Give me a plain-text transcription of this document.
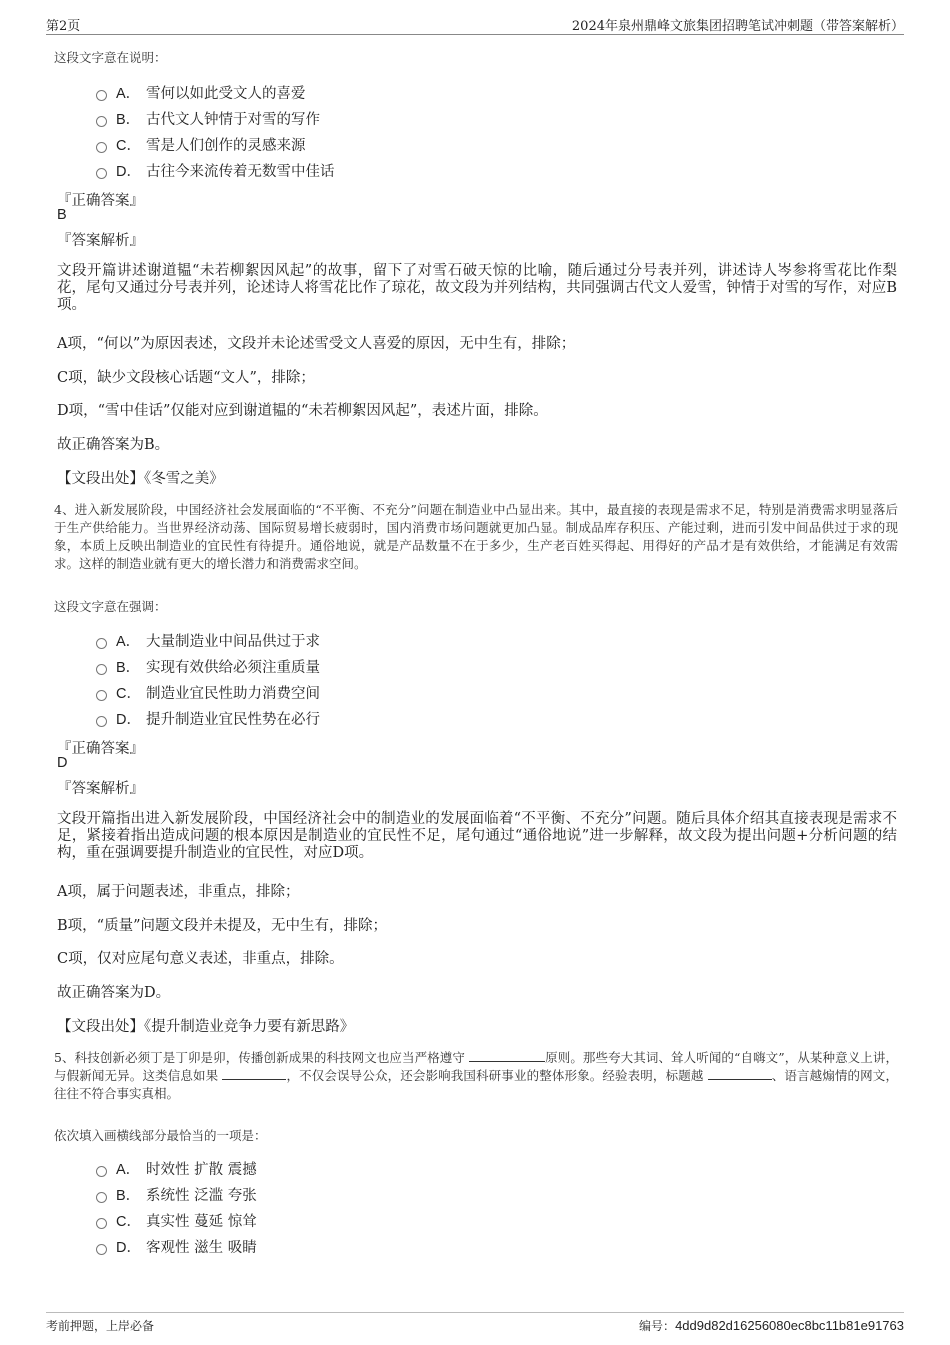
第2页	2024年泉州鼎峰文旅集团招聘笔试冲刺题（带答案解析）
这段文字意在说明：
A． 雪何以如此受文人的喜爱
B． 古代文人钟情于对雪的写作
C． 雪是人们创作的灵感来源
D． 古往今来流传着无数雪中佳话
『正确答案』
B
『答案解析』
文段开篇讲述谢道韫“未若柳絮因风起”的故事，留下了对雪石破天惊的比喻，随后通过分号表并列，讲述诗人岑参将雪花比作梨花，尾句又通过分号表并列，论述诗人将雪花比作了琼花，故文段为并列结构，共同强调古代文人爱雪，钟情于对雪的写作，对应B项。
A项，“何以”为原因表述，文段并未论述雪受文人喜爱的原因，无中生有，排除；
C项，缺少文段核心话题“文人”，排除；
D项，“雪中佳话”仅能对应到谢道韫的“未若柳絮因风起”，表述片面，排除。
故正确答案为B。
【文段出处】《冬雪之美》
4、进入新发展阶段，中国经济社会发展面临的“不平衡、不充分”问题在制造业中凸显出来。其中，最直接的表现是需求不足，特别是消费需求明显落后于生产供给能力。当世界经济动荡、国际贸易增长疲弱时，国内消费市场问题就更加凸显。制成品库存积压、产能过剩，进而引发中间品供过于求的现象，本质上反映出制造业的宜民性有待提升。通俗地说，就是产品数量不在于多少，生产老百姓买得起、用得好的产品才是有效供给，才能满足有效需求。这样的制造业就有更大的增长潜力和消费需求空间。
这段文字意在强调：
A． 大量制造业中间品供过于求
B． 实现有效供给必须注重质量
C． 制造业宜民性助力消费空间
D． 提升制造业宜民性势在必行
『正确答案』
D
『答案解析』
文段开篇指出进入新发展阶段，中国经济社会中的制造业的发展面临着“不平衡、不充分”问题。随后具体介绍其直接表现是需求不足，紧接着指出造成问题的根本原因是制造业的宜民性不足，尾句通过“通俗地说”进一步解释，故文段为提出问题+分析问题的结构，重在强调要提升制造业的宜民性，对应D项。
A项，属于问题表述，非重点，排除；
B项，“质量”问题文段并未提及，无中生有，排除；
C项，仅对应尾句意义表述，非重点，排除。
故正确答案为D。
【文段出处】《提升制造业竞争力要有新思路》
5、科技创新必须丁是丁卯是卯，传播创新成果的科技网文也应当严格遵守	原则。那些夸大其词、耸人听闻的“自嗨文”，从某种意义上讲，与假新闻无异。这类信息如果	，不仅会误导公众，还会影响我国科研事业的整体形象。经验表明，标题越	、语言越煽情的网文，往往不符合事实真相。
依次填入画横线部分最恰当的一项是：
A． 时效性 扩散 震撼
B． 系统性 泛滥 夸张
C． 真实性 蔓延 惊耸
D． 客观性 滋生 吸睛
考前押题，上岸必备	编号：4dd9d82d16256080ec8bc11b81e91763
